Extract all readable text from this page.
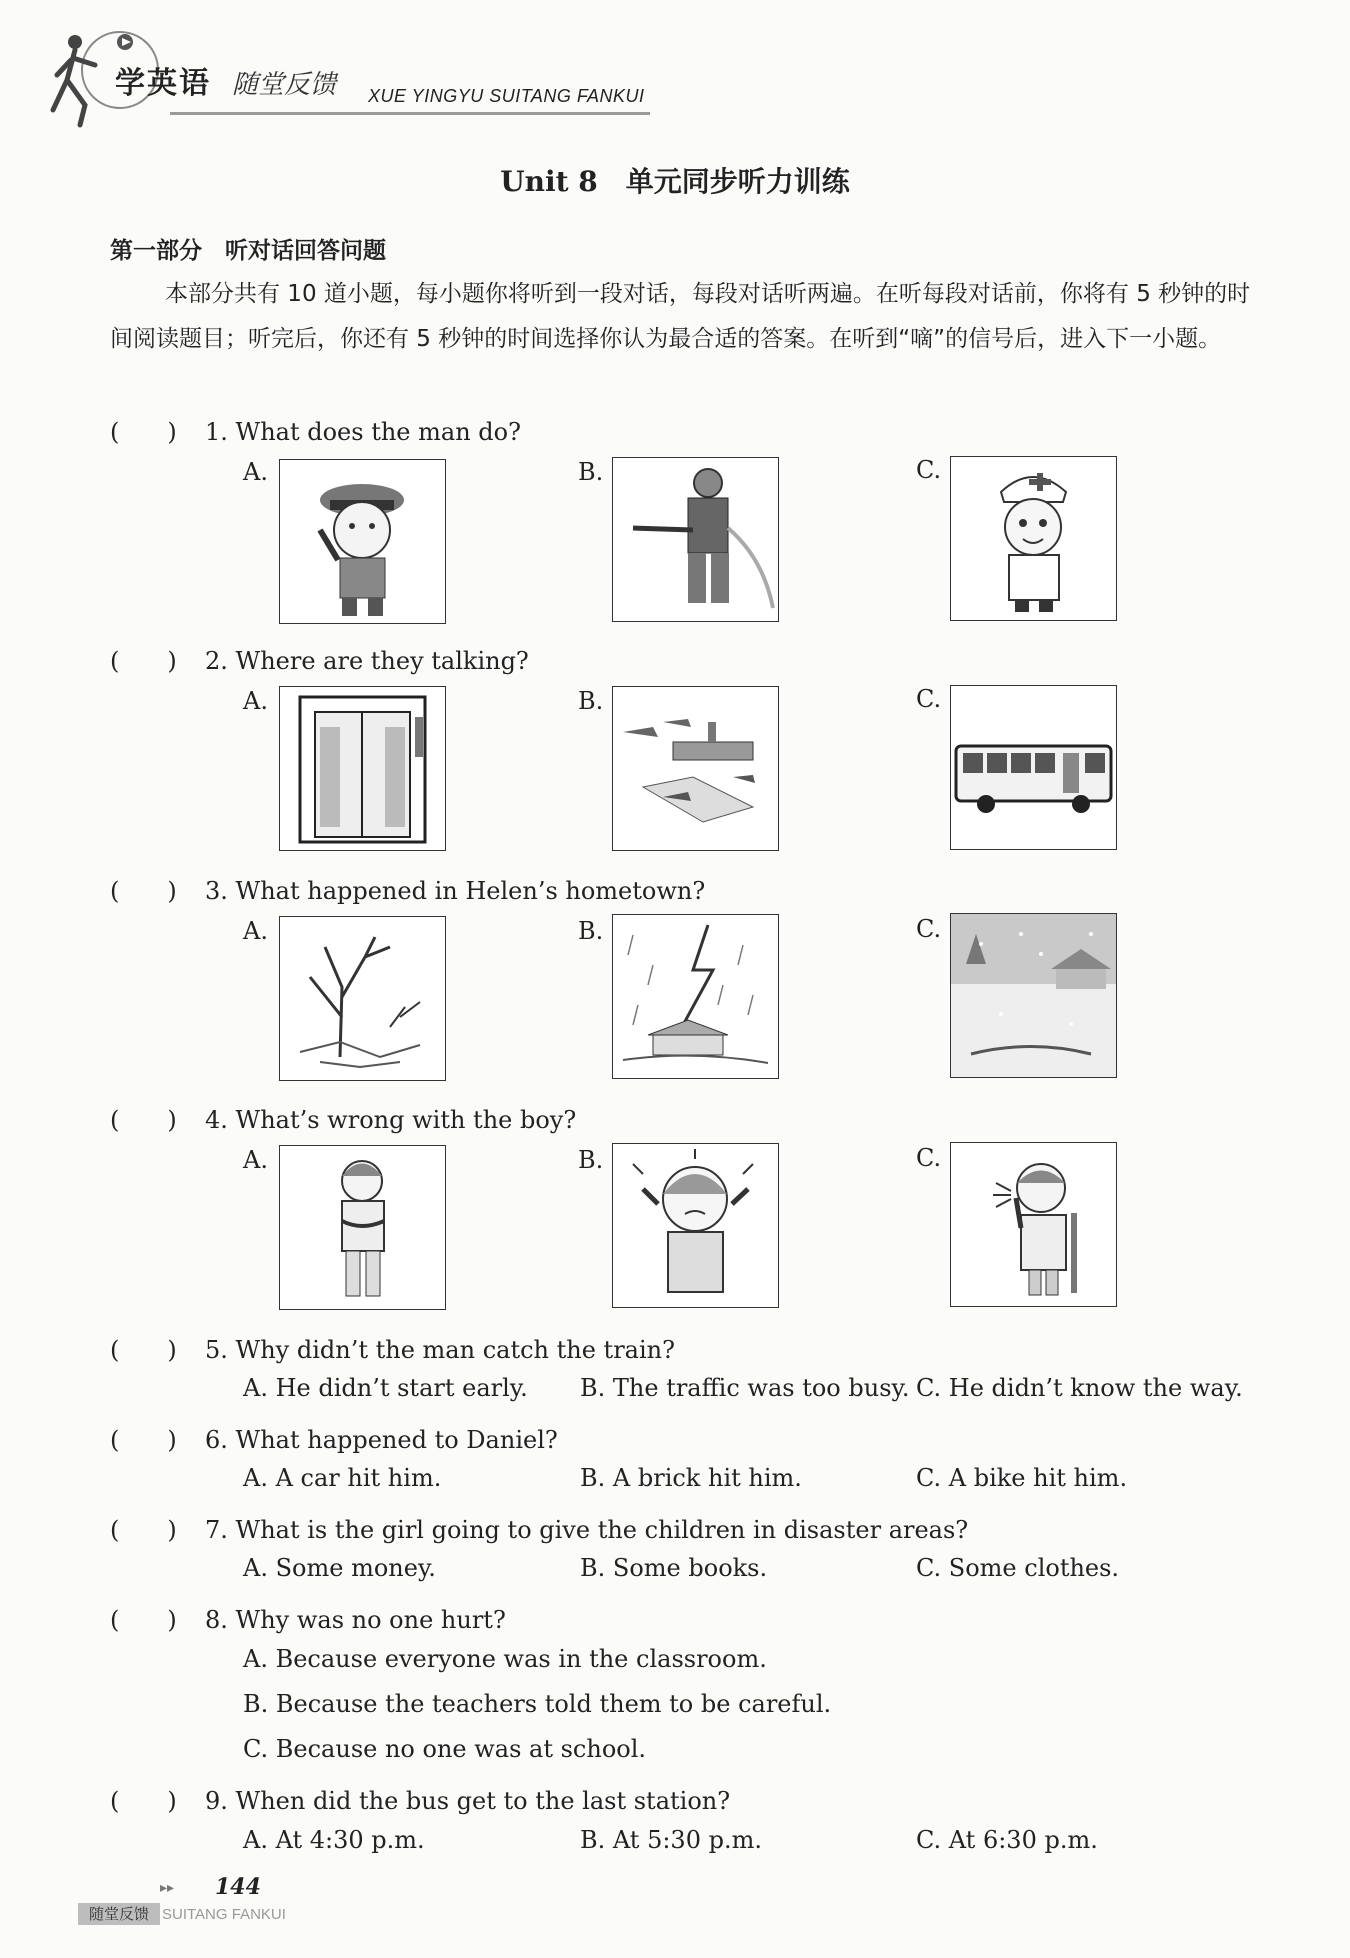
学英语 随堂反馈 XUE YINGYU SUITANG FANKUI
Unit 8　单元同步听力训练
第一部分　听对话回答问题
本部分共有 10 道小题，每小题你将听到一段对话，每段对话听两遍。在听每段对话前，你将有 5 秒钟的时间阅读题目；听完后，你还有 5 秒钟的时间选择你认为最合适的答案。在听到“嘀”的信号后，进入下一小题。
(　　) 1. What does the man do?
A.	B.	C.
(　　) 2. Where are they talking?
A.	B.	C.
(　　) 3. What happened in Helen’s hometown?
A.	B.	C.
(　　) 4. What’s wrong with the boy?
A.	B.	C.
(　　) 5. Why didn’t the man catch the train?
A. He didn’t start early. B. The traffic was too busy. C. He didn’t know the way.
(　　) 6. What happened to Daniel?
A. A car hit him.	B. A brick hit him.	C. A bike hit him.
(　　) 7. What is the girl going to give the children in disaster areas?
A. Some money.	B. Some books.	C. Some clothes.
(　　) 8. Why was no one hurt?
A. Because everyone was in the classroom.
B. Because the teachers told them to be careful.
C. Because no one was at school.
(　　) 9. When did the bus get to the last station?
A. At 4:30 p.m.	B. At 5:30 p.m.	C. At 6:30 p.m.
▸▸ 144
随堂反馈 SUITANG FANKUI
